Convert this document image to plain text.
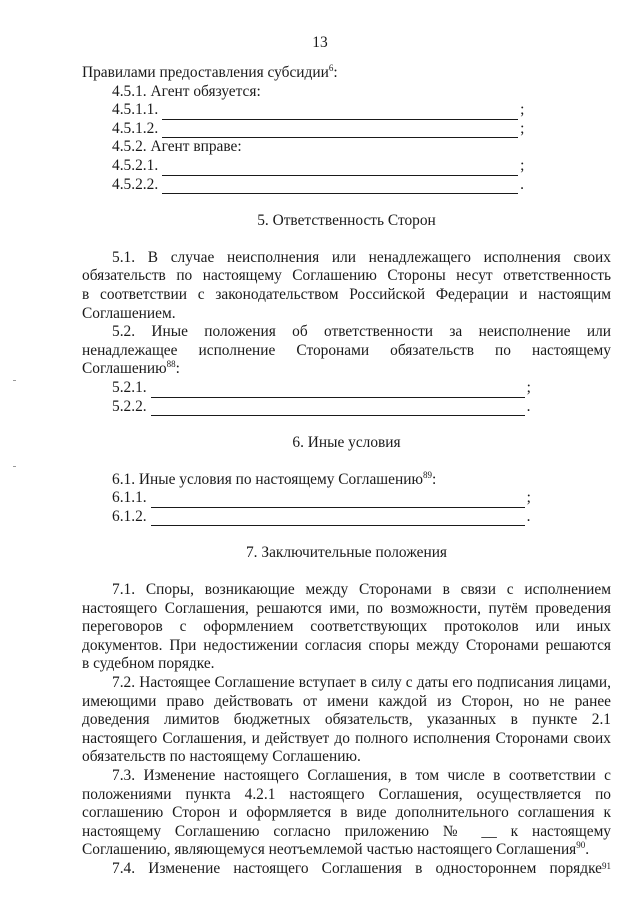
13
Правилами предоставления субсидии$^6$:
4.5.1. Агент обязуется:
4.5.1.1.	;
4.5.1.2.	;
4.5.2. Агент вправе:
4.5.2.1.	;
4.5.2.2.	.
5. Ответственность Сторон
5.1. В случае неисполнения или ненадлежащего исполнения своих
обязательств по настоящему Соглашению Стороны несут ответственность
в соответствии с законодательством Российской Федерации и настоящим
Соглашением.
5.2. Иные положения об ответственности за неисполнение или
ненадлежащее исполнение Сторонами обязательств по настоящему
Соглашению$^{88}$:
5.2.1.	;
5.2.2.	.
6. Иные условия
6.1. Иные условия по настоящему Соглашению$^{89}$:
6.1.1.	;
6.1.2.	.
7. Заключительные положения
7.1. Споры, возникающие между Сторонами в связи с исполнением
настоящего Соглашения, решаются ими, по возможности, путём проведения
переговоров с оформлением соответствующих протоколов или иных
документов. При недостижении согласия споры между Сторонами решаются
в судебном порядке.
7.2. Настоящее Соглашение вступает в силу с даты его подписания лицами,
имеющими право действовать от имени каждой из Сторон, но не ранее
доведения лимитов бюджетных обязательств, указанных в пункте 2.1
настоящего Соглашения, и действует до полного исполнения Сторонами своих
обязательств по настоящему Соглашению.
7.3. Изменение настоящего Соглашения, в том числе в соответствии с
положениями пункта 4.2.1 настоящего Соглашения, осуществляется по
соглашению Сторон и оформляется в виде дополнительного соглашения к
настоящему Соглашению согласно приложению № __ к настоящему
Соглашению, являющемуся неотъемлемой частью настоящего Соглашения$^{90}$.
7.4. Изменение настоящего Соглашения в одностороннем порядке 91
